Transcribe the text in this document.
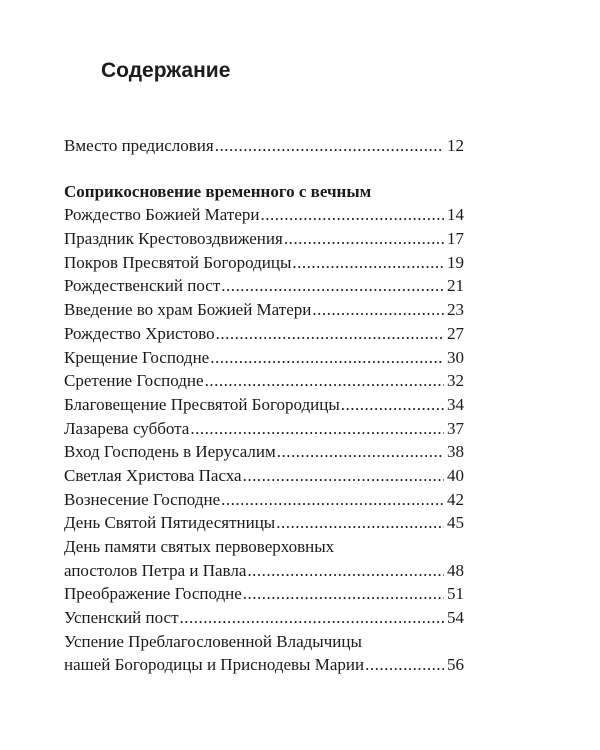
Содержание
Вместо предисловия .....	12
Соприкосновение временного с вечным
Рождество Божией Матери .....	14
Праздник Крестовоздвижения .....	17
Покров Пресвятой Богородицы .....	19
Рождественский пост .....	21
Введение во храм Божией Матери .....	23
Рождество Христово .....	27
Крещение Господне .....	30
Сретение Господне .....	32
Благовещение Пресвятой Богородицы .....	34
Лазарева суббота .....	37
Вход Господень в Иерусалим .....	38
Светлая Христова Пасха .....	40
Вознесение Господне .....	42
День Святой Пятидесятницы .....	45
День памяти святых первоверховных
апостолов Петра и Павла .....	48
Преображение Господне .....	51
Успенский пост .....	54
Успение Преблагословенной Владычицы
нашей Богородицы и Приснодевы Марии .....	56
